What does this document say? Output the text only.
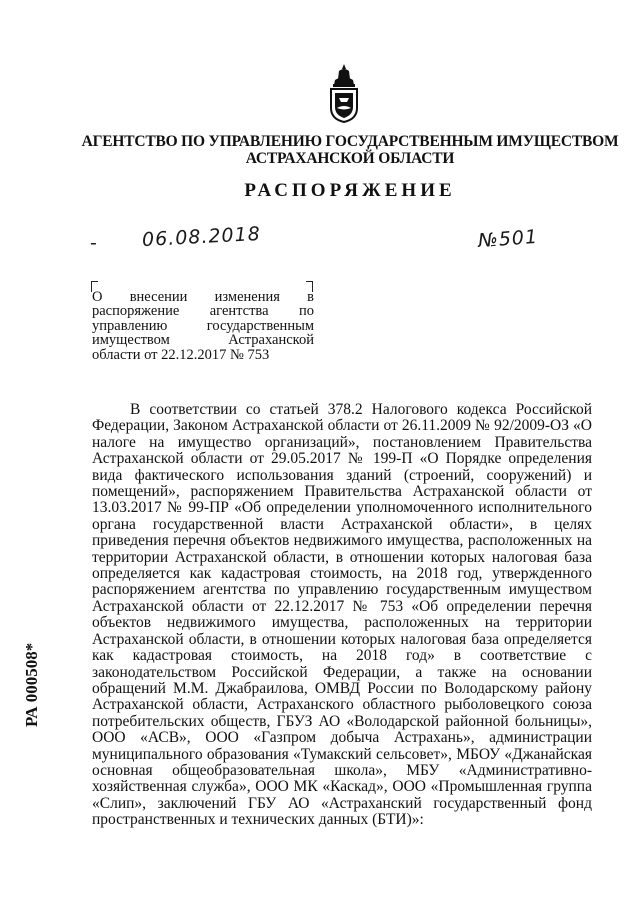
АГЕНТСТВО ПО УПРАВЛЕНИЮ ГОСУДАРСТВЕННЫМ ИМУЩЕСТВОМ
АСТРАХАНСКОЙ ОБЛАСТИ
РАСПОРЯЖЕНИЕ
- 06.08.2018	№501
О внесении изменения в
распоряжение агентства по
управлению государственным
имуществом Астраханской
области от 22.12.2017 № 753

В соответствии со статьей 378.2 Налогового кодекса Российской Федерации, Законом Астраханской области от 26.11.2009 № 92/2009-ОЗ «О налоге на имущество организаций», постановлением Правительства Астраханской области от 29.05.2017 № 199-П «О Порядке определения вида фактического использования зданий (строений, сооружений) и помещений», распоряжением Правительства Астраханской области от 13.03.2017 № 99-ПР «Об определении уполномоченного исполнительного органа государственной власти Астраханской области», в целях приведения перечня объектов недвижимого имущества, расположенных на территории Астраханской области, в отношении которых налоговая база определяется как кадастровая стоимость, на 2018 год, утвержденного распоряжением агентства по управлению государственным имуществом Астраханской области от 22.12.2017 № 753 «Об определении перечня объектов недвижимого имущества, расположенных на территории Астраханской области, в отношении которых налоговая база определяется как кадастровая стоимость, на 2018 год» в соответствие с законодательством Российской Федерации, а также на основании обращений М.М. Джабраилова, ОМВД России по Володарскому району Астраханской области, Астраханского областного рыболовецкого союза потребительских обществ, ГБУЗ АО «Володарской районной больницы», ООО «АСВ», ООО «Газпром добыча Астрахань», администрации муниципального образования «Тумакский сельсовет», МБОУ «Джанайская основная общеобразовательная школа», МБУ «Административно-хозяйственная служба», ООО МК «Каскад», ООО «Промышленная группа «Слип», заключений ГБУ АО «Астраханский государственный фонд пространственных и технических данных (БТИ)»:

РА 000508*
